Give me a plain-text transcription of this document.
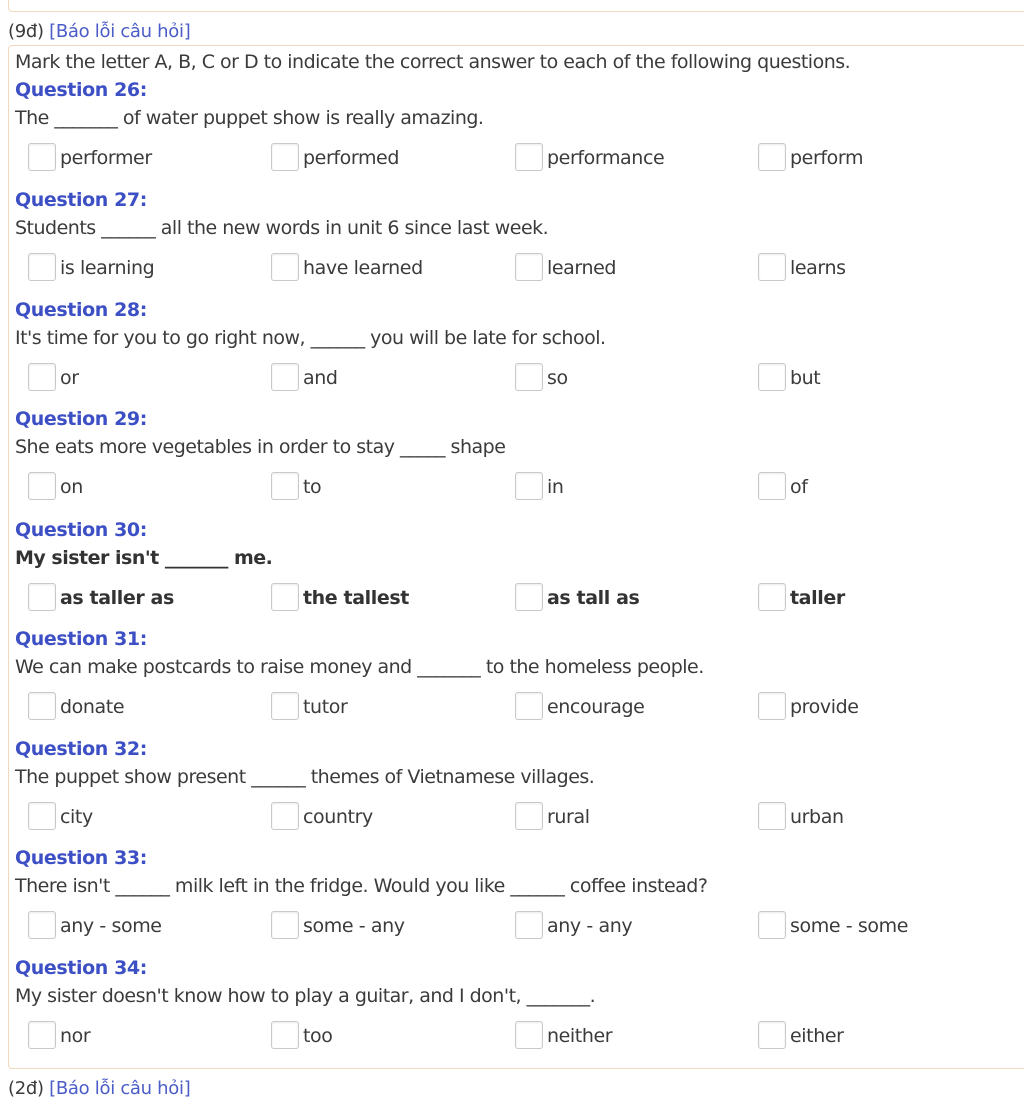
(9đ) [Báo lỗi câu hỏi]
Mark the letter A, B, C or D to indicate the correct answer to each of the following questions.
Question 26:
The _______ of water puppet show is really amazing.
performer	performed	performance	perform
Question 27:
Students ______ all the new words in unit 6 since last week.
is learning	have learned	learned	learns
Question 28:
It's time for you to go right now, ______ you will be late for school.
or	and	so	but
Question 29:
She eats more vegetables in order to stay _____ shape
on	to	in	of
Question 30:
My sister isn't _______ me.
as taller as	the tallest	as tall as	taller
Question 31:
We can make postcards to raise money and _______ to the homeless people.
donate	tutor	encourage	provide
Question 32:
The puppet show present ______ themes of Vietnamese villages.
city	country	rural	urban
Question 33:
There isn't ______ milk left in the fridge. Would you like ______ coffee instead?
any - some	some - any	any - any	some - some
Question 34:
My sister doesn't know how to play a guitar, and I don't, _______.
nor	too	neither	either
(2đ) [Báo lỗi câu hỏi]
